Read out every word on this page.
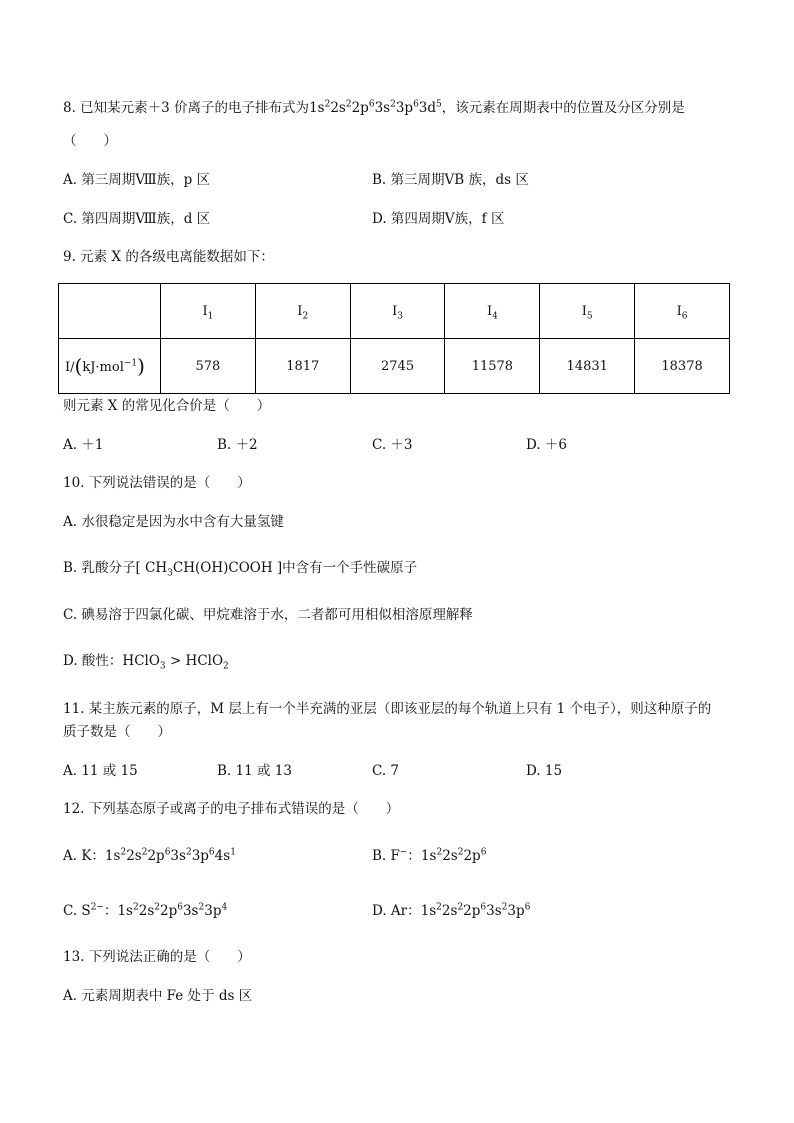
8. 已知某元素＋3 价离子的电子排布式为$1s^22s^22p^63s^23p^63d^5$，该元素在周期表中的位置及分区分别是
（　　）
A. 第三周期Ⅷ族，p 区	B. 第三周期ⅤB 族，ds 区
C. 第四周期Ⅷ族，d 区	D. 第四周期Ⅴ族，f 区
9. 元素 X 的各级电离能数据如下：
	$I_1$	$I_2$	$I_3$	$I_4$	$I_5$	$I_6$
I/(kJ·mol$^{-1}$)	578	1817	2745	11578	14831	18378
则元素 X 的常见化合价是（　　）
A. ＋1	B. ＋2	C. ＋3	D. ＋6
10. 下列说法错误的是（　　）
A. 水很稳定是因为水中含有大量氢键
B. 乳酸分子[ $CH_3CH(OH)COOH$ ]中含有一个手性碳原子
C. 碘易溶于四氯化碳、甲烷难溶于水，二者都可用相似相溶原理解释
D. 酸性：HClO$_3$ > HClO$_2$
11. 某主族元素的原子，M 层上有一个半充满的亚层（即该亚层的每个轨道上只有 1 个电子），则这种原子的
质子数是（　　）
A. 11 或 15	B. 11 或 13	C. 7	D. 15
12. 下列基态原子或离子的电子排布式错误的是（　　）
A. K：$1s^22s^22p^63s^23p^64s^1$	B. F−：$1s^22s^22p^6$
C. $S^{2-}$：$1s^22s^22p^63s^23p^4$	D. Ar：$1s^22s^22p^63s^23p^6$
13. 下列说法正确的是（　　）
A. 元素周期表中 Fe 处于 ds 区
